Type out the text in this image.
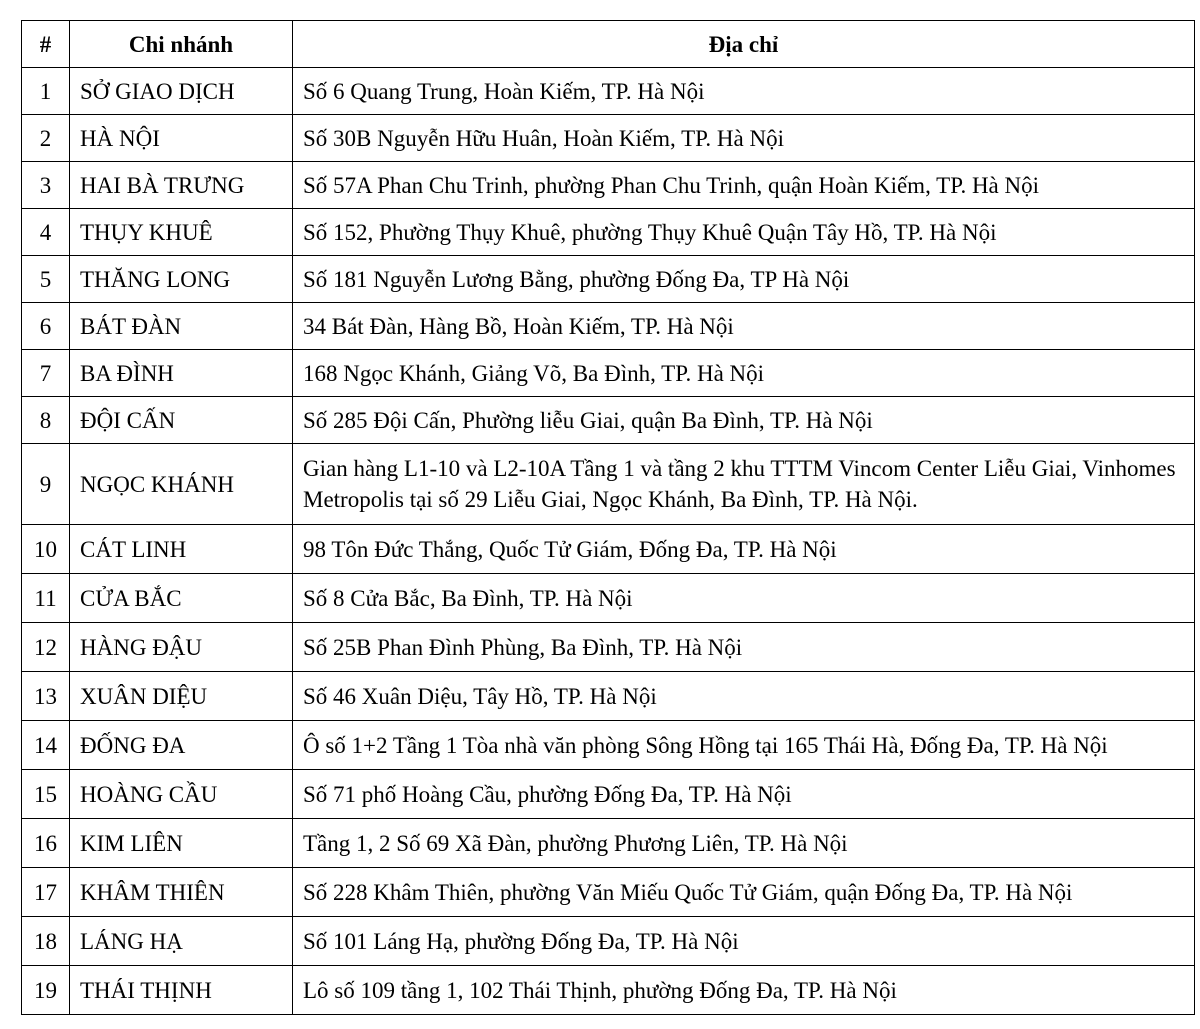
#	Chi nhánh	Địa chỉ
1	SỞ GIAO DỊCH	Số 6 Quang Trung, Hoàn Kiếm, TP. Hà Nội
2	HÀ NỘI	Số 30B Nguyễn Hữu Huân, Hoàn Kiếm, TP. Hà Nội
3	HAI BÀ TRƯNG	Số 57A Phan Chu Trinh, phường Phan Chu Trinh, quận Hoàn Kiếm, TP. Hà Nội
4	THỤY KHUÊ	Số 152, Phường Thụy Khuê, phường Thụy Khuê Quận Tây Hồ, TP. Hà Nội
5	THĂNG LONG	Số 181 Nguyễn Lương Bằng, phường Đống Đa, TP Hà Nội
6	BÁT ĐÀN	34 Bát Đàn, Hàng Bồ, Hoàn Kiếm, TP. Hà Nội
7	BA ĐÌNH	168 Ngọc Khánh, Giảng Võ, Ba Đình, TP. Hà Nội
8	ĐỘI CẤN	Số 285 Đội Cấn, Phường liễu Giai, quận Ba Đình, TP. Hà Nội
9	NGỌC KHÁNH	Gian hàng L1-10 và L2-10A Tầng 1 và tầng 2 khu TTTM Vincom Center Liễu Giai, Vinhomes Metropolis tại số 29 Liễu Giai, Ngọc Khánh, Ba Đình, TP. Hà Nội.
10	CÁT LINH	98 Tôn Đức Thắng, Quốc Tử Giám, Đống Đa, TP. Hà Nội
11	CỬA BẮC	Số 8 Cửa Bắc, Ba Đình, TP. Hà Nội
12	HÀNG ĐẬU	Số 25B Phan Đình Phùng, Ba Đình, TP. Hà Nội
13	XUÂN DIỆU	Số 46 Xuân Diệu, Tây Hồ, TP. Hà Nội
14	ĐỐNG ĐA	Ô số 1+2 Tầng 1 Tòa nhà văn phòng Sông Hồng tại 165 Thái Hà, Đống Đa, TP. Hà Nội
15	HOÀNG CẦU	Số 71 phố Hoàng Cầu, phường Đống Đa, TP. Hà Nội
16	KIM LIÊN	Tầng 1, 2 Số 69 Xã Đàn, phường Phương Liên, TP. Hà Nội
17	KHÂM THIÊN	Số 228 Khâm Thiên, phường Văn Miếu Quốc Tử Giám, quận Đống Đa, TP. Hà Nội
18	LÁNG HẠ	Số 101 Láng Hạ, phường Đống Đa, TP. Hà Nội
19	THÁI THỊNH	Lô số 109 tầng 1, 102 Thái Thịnh, phường Đống Đa, TP. Hà Nội
